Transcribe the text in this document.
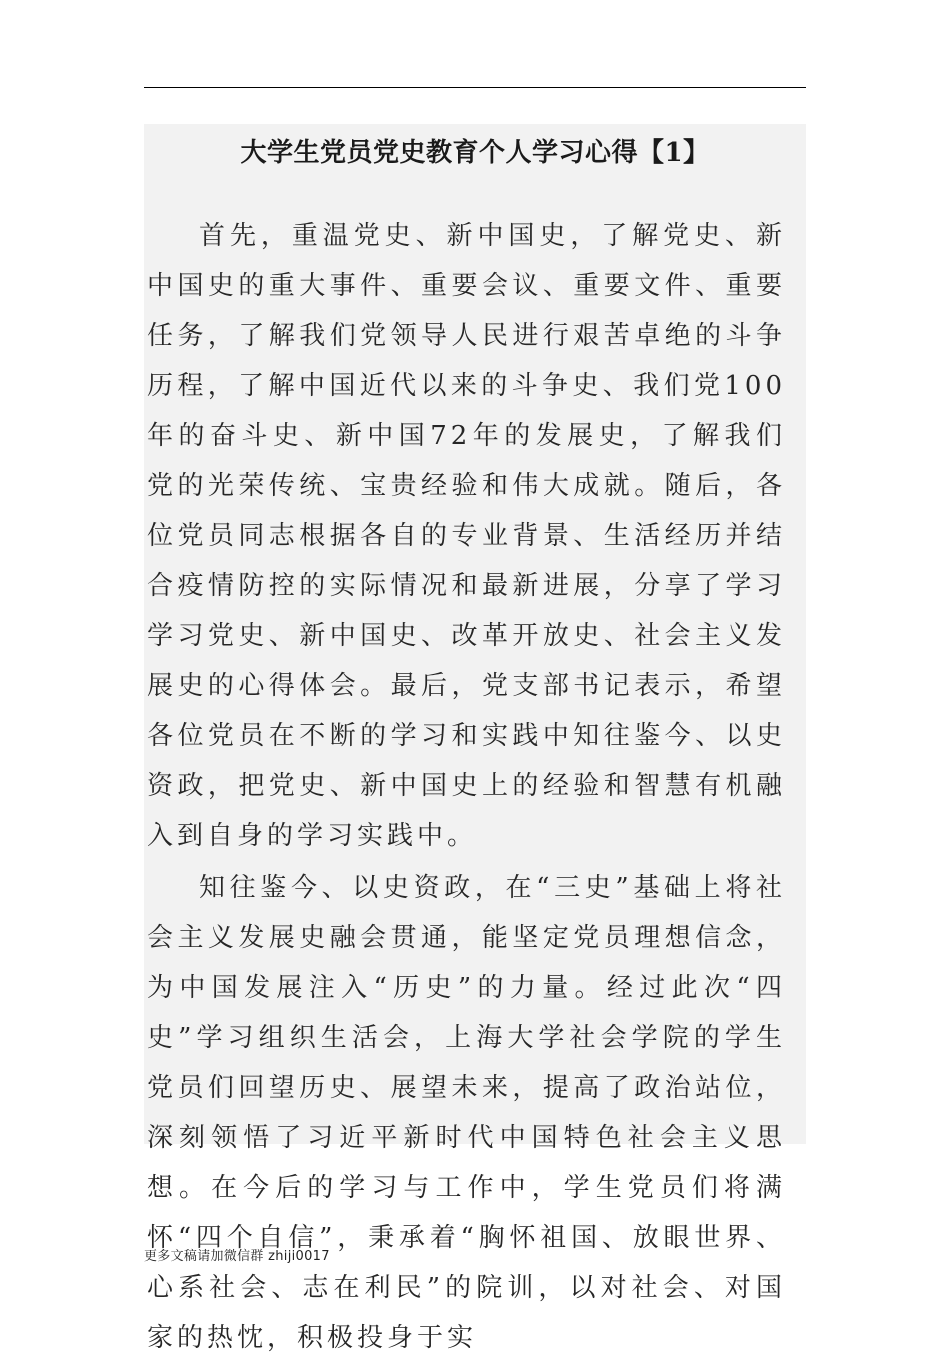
大学生党员党史教育个人学习心得【1】

首先，重温党史、新中国史，了解党史、新中国史的重大事件、重要会议、重要文件、重要任务，了解我们党领导人民进行艰苦卓绝的斗争历程，了解中国近代以来的斗争史、我们党100年的奋斗史、新中国72年的发展史，了解我们党的光荣传统、宝贵经验和伟大成就。随后，各位党员同志根据各自的专业背景、生活经历并结合疫情防控的实际情况和最新进展，分享了学习学习党史、新中国史、改革开放史、社会主义发展史的心得体会。最后，党支部书记表示，希望各位党员在不断的学习和实践中知往鉴今、以史资政，把党史、新中国史上的经验和智慧有机融入到自身的学习实践中。

知往鉴今、以史资政，在“三史”基础上将社会主义发展史融会贯通，能坚定党员理想信念，为中国发展注入“历史”的力量。经过此次“四史”学习组织生活会，上海大学社会学院的学生党员们回望历史、展望未来，提高了政治站位，深刻领悟了习近平新时代中国特色社会主义思想。在今后的学习与工作中，学生党员们将满怀“四个自信”，秉承着“胸怀祖国、放眼世界、心系社会、志在利民”的院训，以对社会、对国家的热忱，积极投身于实

更多文稿请加微信群 zhiji0017
